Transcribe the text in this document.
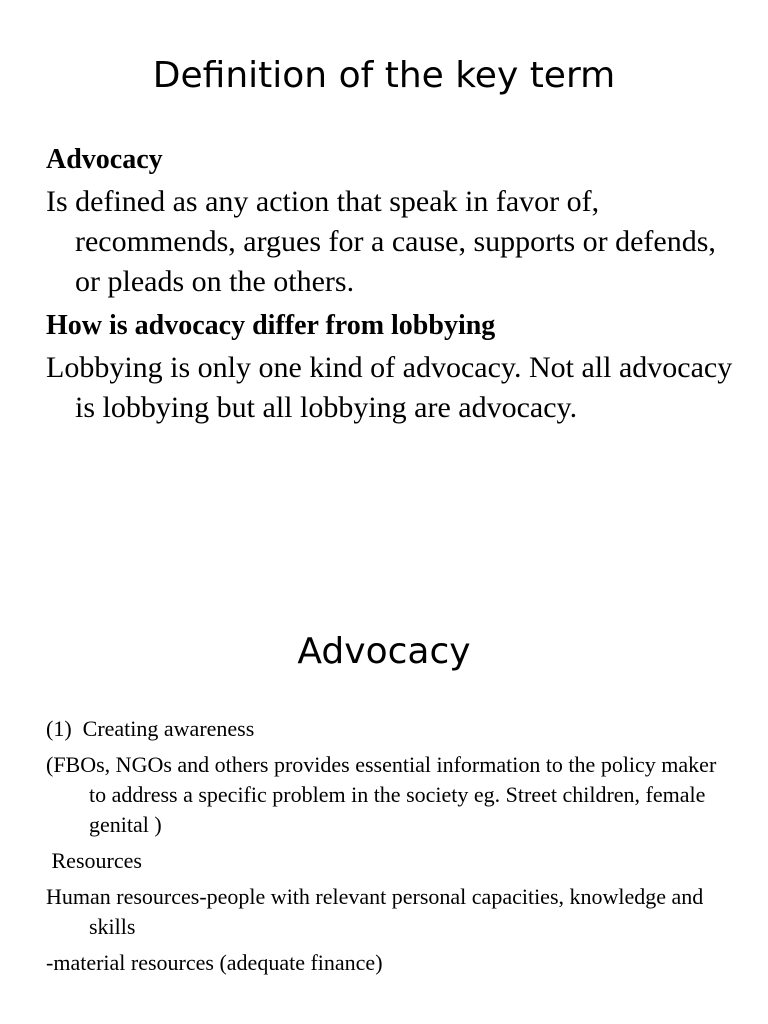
Definition of the key term

Advocacy

Is defined as any action that speak in favor of, recommends, argues for a cause, supports or defends, or pleads on the others.

How is advocacy differ from lobbying

Lobbying is only one kind of advocacy. Not all advocacy is lobbying but all lobbying are advocacy.

Advocacy

(1)  Creating awareness

(FBOs, NGOs and others provides essential information to the policy maker to address a specific problem in the society eg. Street children, female genital )

Resources

Human resources-people with relevant personal capacities, knowledge and skills

-material resources (adequate finance)
